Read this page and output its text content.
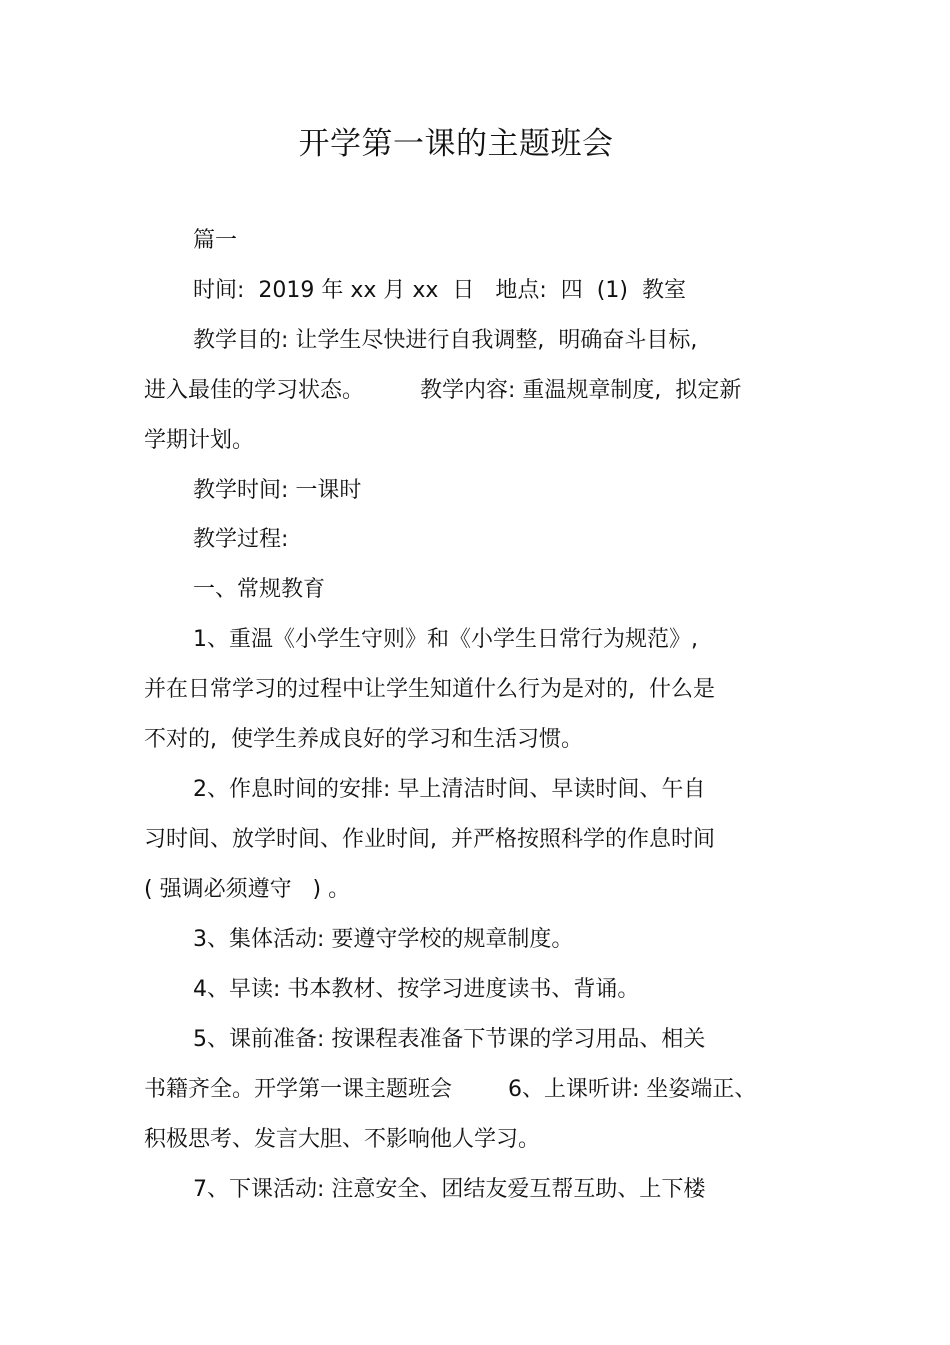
开学第一课的主题班会

篇一

时间:  2019 年 xx 月 xx  日   地点:  四  (1)  教室

教学目的: 让学生尽快进行自我调整,  明确奋斗目标,

进入最佳的学习状态。        教学内容: 重温规章制度,  拟定新

学期计划。

教学时间: 一课时

教学过程:

一、常规教育

1、重温《小学生守则》和《小学生日常行为规范》,

并在日常学习的过程中让学生知道什么行为是对的,  什么是

不对的,  使学生养成良好的学习和生活习惯。

2、作息时间的安排: 早上清洁时间、早读时间、午自

习时间、放学时间、作业时间,  并严格按照科学的作息时间

( 强调必须遵守   ) 。

3、集体活动: 要遵守学校的规章制度。

4、早读: 书本教材、按学习进度读书、背诵。

5、课前准备: 按课程表准备下节课的学习用品、相关

书籍齐全。开学第一课主题班会        6、上课听讲: 坐姿端正、

积极思考、发言大胆、不影响他人学习。

7、下课活动: 注意安全、团结友爱互帮互助、上下楼
